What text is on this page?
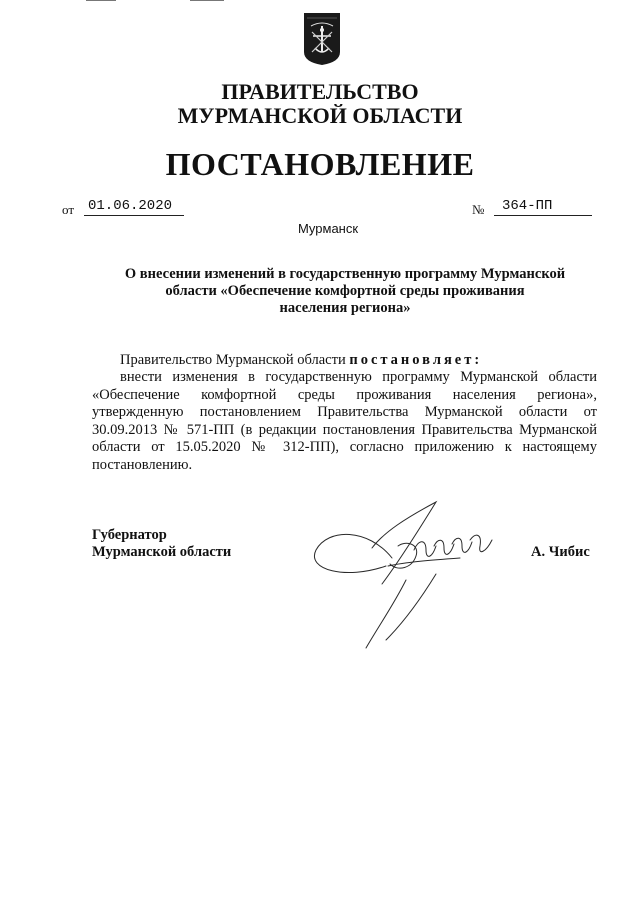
ПРАВИТЕЛЬСТВО
МУРМАНСКОЙ ОБЛАСТИ
ПОСТАНОВЛЕНИЕ
от 01.06.2020	№	364-ПП
Мурманск
О внесении изменений в государственную программу Мурманской
области «Обеспечение комфортной среды проживания
населения региона»
Правительство Мурманской области постановляет:
внести изменения в государственную программу Мурманской области «Обеспечение комфортной среды проживания населения региона», утвержденную постановлением Правительства Мурманской области от 30.09.2013 № 571-ПП (в редакции постановления Правительства Мурманской области от 15.05.2020 № 312-ПП), согласно приложению к настоящему постановлению.
Губернатор
Мурманской области	А. Чибис
